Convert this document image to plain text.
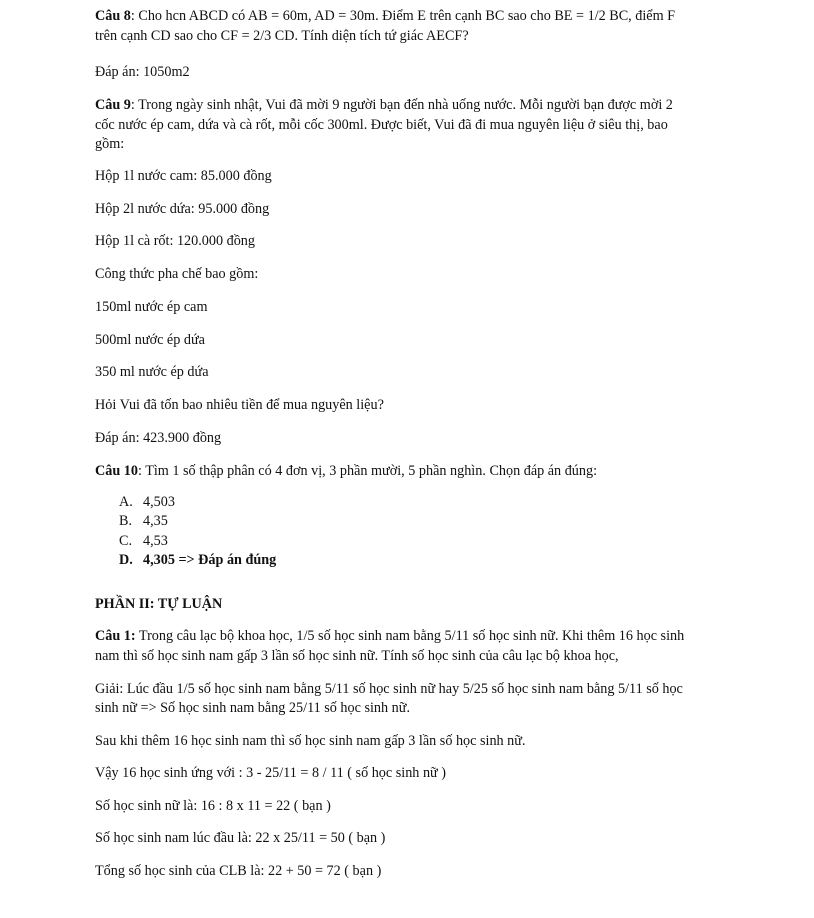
Câu 8: Cho hcn ABCD có AB = 60m, AD = 30m. Điểm E trên cạnh BC sao cho BE = 1/2 BC, điểm F
trên cạnh CD sao cho CF = 2/3 CD. Tính diện tích tứ giác AECF?
Đáp án: 1050m2
Câu 9: Trong ngày sinh nhật, Vui đã mời 9 người bạn đến nhà uống nước. Mỗi người bạn được mời 2
cốc nước ép cam, dứa và cà rốt, mỗi cốc 300ml. Được biết, Vui đã đi mua nguyên liệu ở siêu thị, bao
gồm:
Hộp 1l nước cam: 85.000 đồng
Hộp 2l nước dứa: 95.000 đồng
Hộp 1l cà rốt: 120.000 đồng
Công thức pha chế bao gồm:
150ml nước ép cam
500ml nước ép dứa
350 ml nước ép dứa
Hỏi Vui đã tốn bao nhiêu tiền để mua nguyên liệu?
Đáp án: 423.900 đồng
Câu 10: Tìm 1 số thập phân có 4 đơn vị, 3 phần mười, 5 phần nghìn. Chọn đáp án đúng:
A. 4,503
B. 4,35
C. 4,53
D. 4,305 => Đáp án đúng
PHẦN II: TỰ LUẬN
Câu 1: Trong câu lạc bộ khoa học, 1/5 số học sinh nam bằng 5/11 số học sinh nữ. Khi thêm 16 học sinh
nam thì số học sinh nam gấp 3 lần số học sinh nữ. Tính số học sinh của câu lạc bộ khoa học,
Giải: Lúc đầu 1/5 số học sinh nam bằng 5/11 số học sinh nữ hay 5/25 số học sinh nam bằng 5/11 số học
sinh nữ => Số học sinh nam bằng 25/11 số học sinh nữ.
Sau khi thêm 16 học sinh nam thì số học sinh nam gấp 3 lần số học sinh nữ.
Vậy 16 học sinh ứng với : 3 - 25/11 = 8 / 11 ( số học sinh nữ )
Số học sinh nữ là: 16 : 8 x 11 = 22 ( bạn )
Số học sinh nam lúc đầu là: 22 x 25/11 = 50 ( bạn )
Tổng số học sinh của CLB là: 22 + 50 = 72 ( bạn )
